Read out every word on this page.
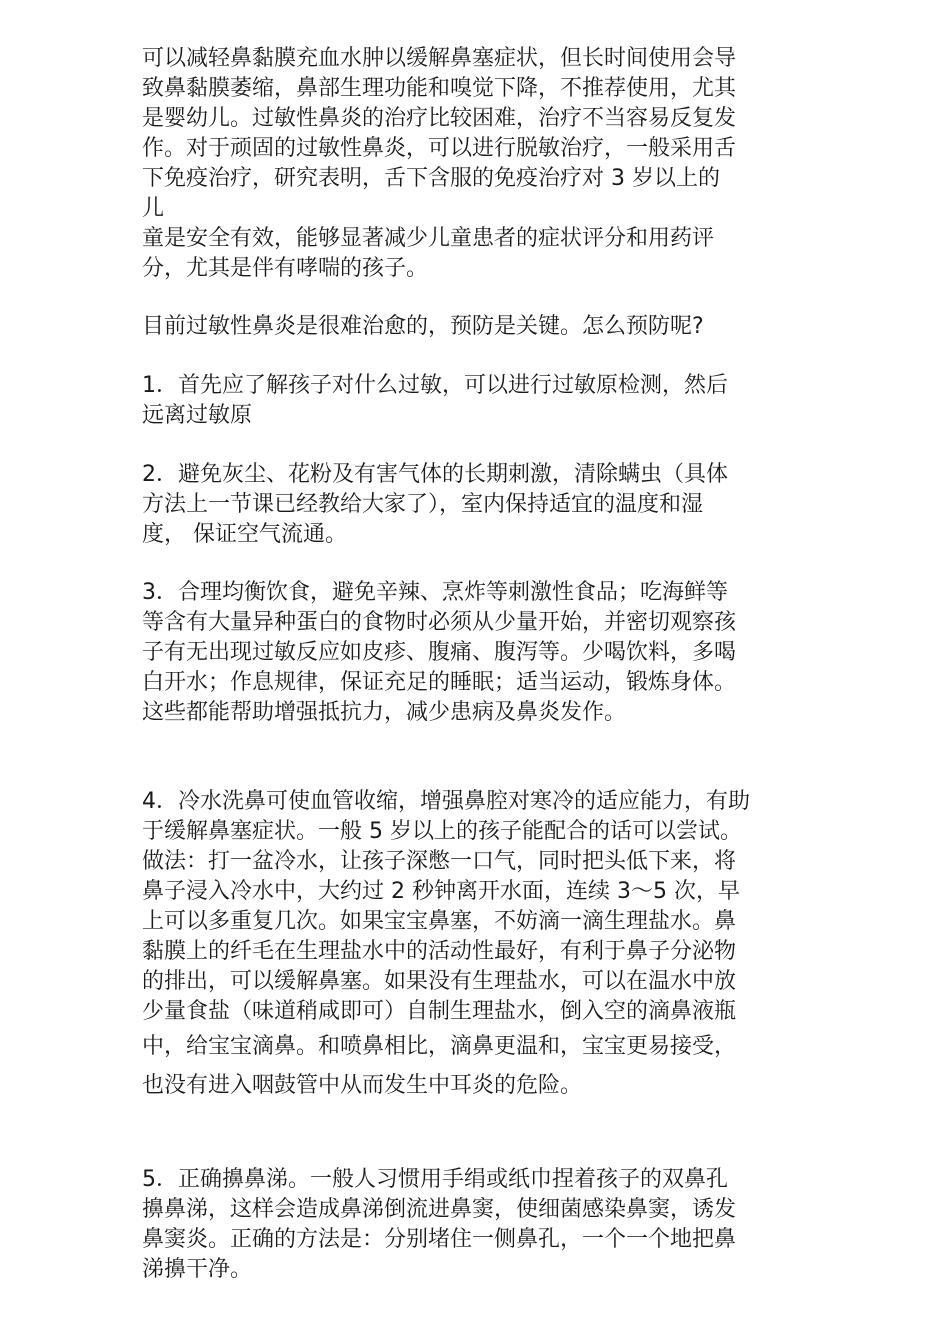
可以减轻鼻黏膜充血水肿以缓解鼻塞症状，但长时间使用会导
致鼻黏膜萎缩，鼻部生理功能和嗅觉下降，不推荐使用，尤其
是婴幼儿。过敏性鼻炎的治疗比较困难，治疗不当容易反复发
作。对于顽固的过敏性鼻炎，可以进行脱敏治疗，一般采用舌
下免疫治疗，研究表明，舌下含服的免疫治疗对 3 岁以上的
儿
童是安全有效，能够显著减少儿童患者的症状评分和用药评
分，尤其是伴有哮喘的孩子。

目前过敏性鼻炎是很难治愈的，预防是关键。怎么预防呢?

1．首先应了解孩子对什么过敏，可以进行过敏原检测，然后
远离过敏原

2．避免灰尘、花粉及有害气体的长期刺激，清除螨虫（具体
方法上一节课已经教给大家了），室内保持适宜的温度和湿
度， 保证空气流通。

3．合理均衡饮食，避免辛辣、烹炸等刺激性食品；吃海鲜等
等含有大量异种蛋白的食物时必须从少量开始，并密切观察孩
子有无出现过敏反应如皮疹、腹痛、腹泻等。少喝饮料，多喝
白开水；作息规律，保证充足的睡眠；适当运动，锻炼身体。
这些都能帮助增强抵抗力，减少患病及鼻炎发作。

4．冷水洗鼻可使血管收缩，增强鼻腔对寒冷的适应能力，有助
于缓解鼻塞症状。一般 5 岁以上的孩子能配合的话可以尝试。
做法：打一盆冷水，让孩子深憋一口气，同时把头低下来，将
鼻子浸入冷水中，大约过 2 秒钟离开水面，连续 3～5 次，早
上可以多重复几次。如果宝宝鼻塞，不妨滴一滴生理盐水。鼻
黏膜上的纤毛在生理盐水中的活动性最好，有利于鼻子分泌物
的排出，可以缓解鼻塞。如果没有生理盐水，可以在温水中放
少量食盐（味道稍咸即可）自制生理盐水，倒入空的滴鼻液瓶

中，给宝宝滴鼻。和喷鼻相比，滴鼻更温和，宝宝更易接受，
也没有进入咽鼓管中从而发生中耳炎的危险。

5．正确擤鼻涕。一般人习惯用手绢或纸巾捏着孩子的双鼻孔
擤鼻涕，这样会造成鼻涕倒流进鼻窦，使细菌感染鼻窦，诱发
鼻窦炎。正确的方法是：分别堵住一侧鼻孔，一个一个地把鼻
涕擤干净。
